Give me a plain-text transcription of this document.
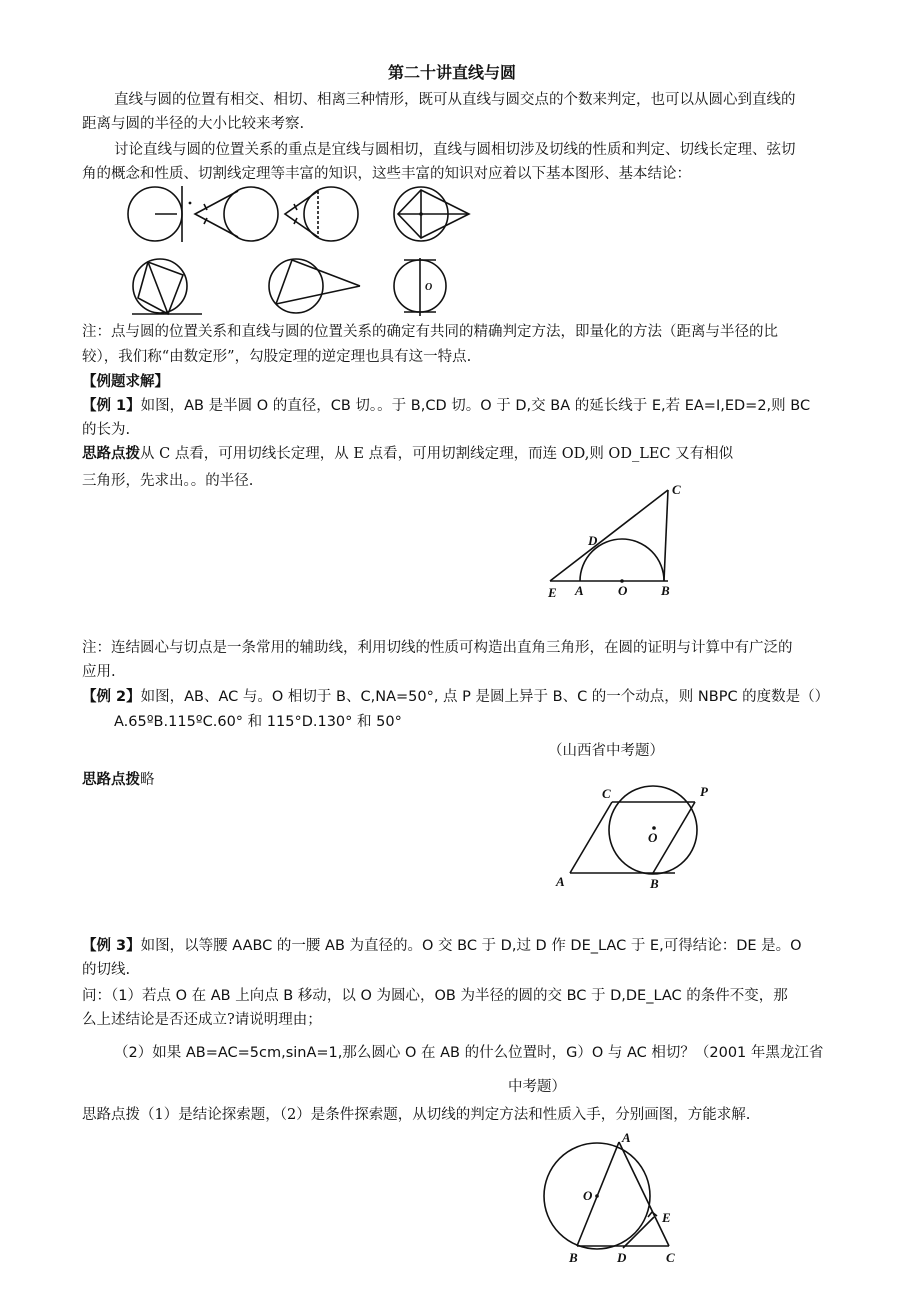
第二十讲直线与圆
直线与圆的位置有相交、相切、相离三种情形，既可从直线与圆交点的个数来判定，也可以从圆心到直线的
距离与圆的半径的大小比较来考察.
讨论直线与圆的位置关系的重点是宜线与圆相切，直线与圆相切涉及切线的性质和判定、切线长定理、弦切
角的概念和性质、切割线定理等丰富的知识，这些丰富的知识对应着以下基本图形、基本结论：
O
注：点与圆的位置关系和直线与圆的位置关系的确定有共同的精确判定方法，即量化的方法（距离与半径的比
较），我们称“由数定形”，勾股定理的逆定理也具有这一特点.
【例题求解】
【例 1】如图，AB 是半圆 O 的直径，CB 切。。于 B,CD 切。O 于 D,交 BA 的延长线于 E,若 EA=I,ED=2,则 BC
的长为.
思路点拨从 C 点看，可用切线长定理，从 E 点看，可用切割线定理，而连 OD,则 OD_LEC 又有相似
三角形，先求出。。的半径.
C
D
E A	O	B
注：连结圆心与切点是一条常用的辅助线，利用切线的性质可构造出直角三角形，在圆的证明与计算中有广泛的
应用.
【例 2】如图，AB、AC 与。O 相切于 B、C,NA=50°, 点 P 是圆上异于 B、C 的一个动点，则 NBPC 的度数是（）
A.65ºB.115ºC.60° 和 115°D.130° 和 50°
（山西省中考题）
思路点拨略
C	P
O
A	B
【例 3】如图，以等腰 AABC 的一腰 AB 为直径的。O 交 BC 于 D,过 D 作 DE_LAC 于 E,可得结论：DE 是。O
的切线.
问：（1）若点 O 在 AB 上向点 B 移动，以 O 为圆心，OB 为半径的圆的交 BC 于 D,DE_LAC 的条件不变，那
么上述结论是否还成立?请说明理由；
（2）如果 AB=AC=5cm,sinA=1,那么圆心 O 在 AB 的什么位置时，G）O 与 AC 相切？（2001 年黑龙江省
中考题）
思路点拨（1）是结论探索题，（2）是条件探索题，从切线的判定方法和性质入手，分别画图，方能求解.
A
O
E
B	D	C
